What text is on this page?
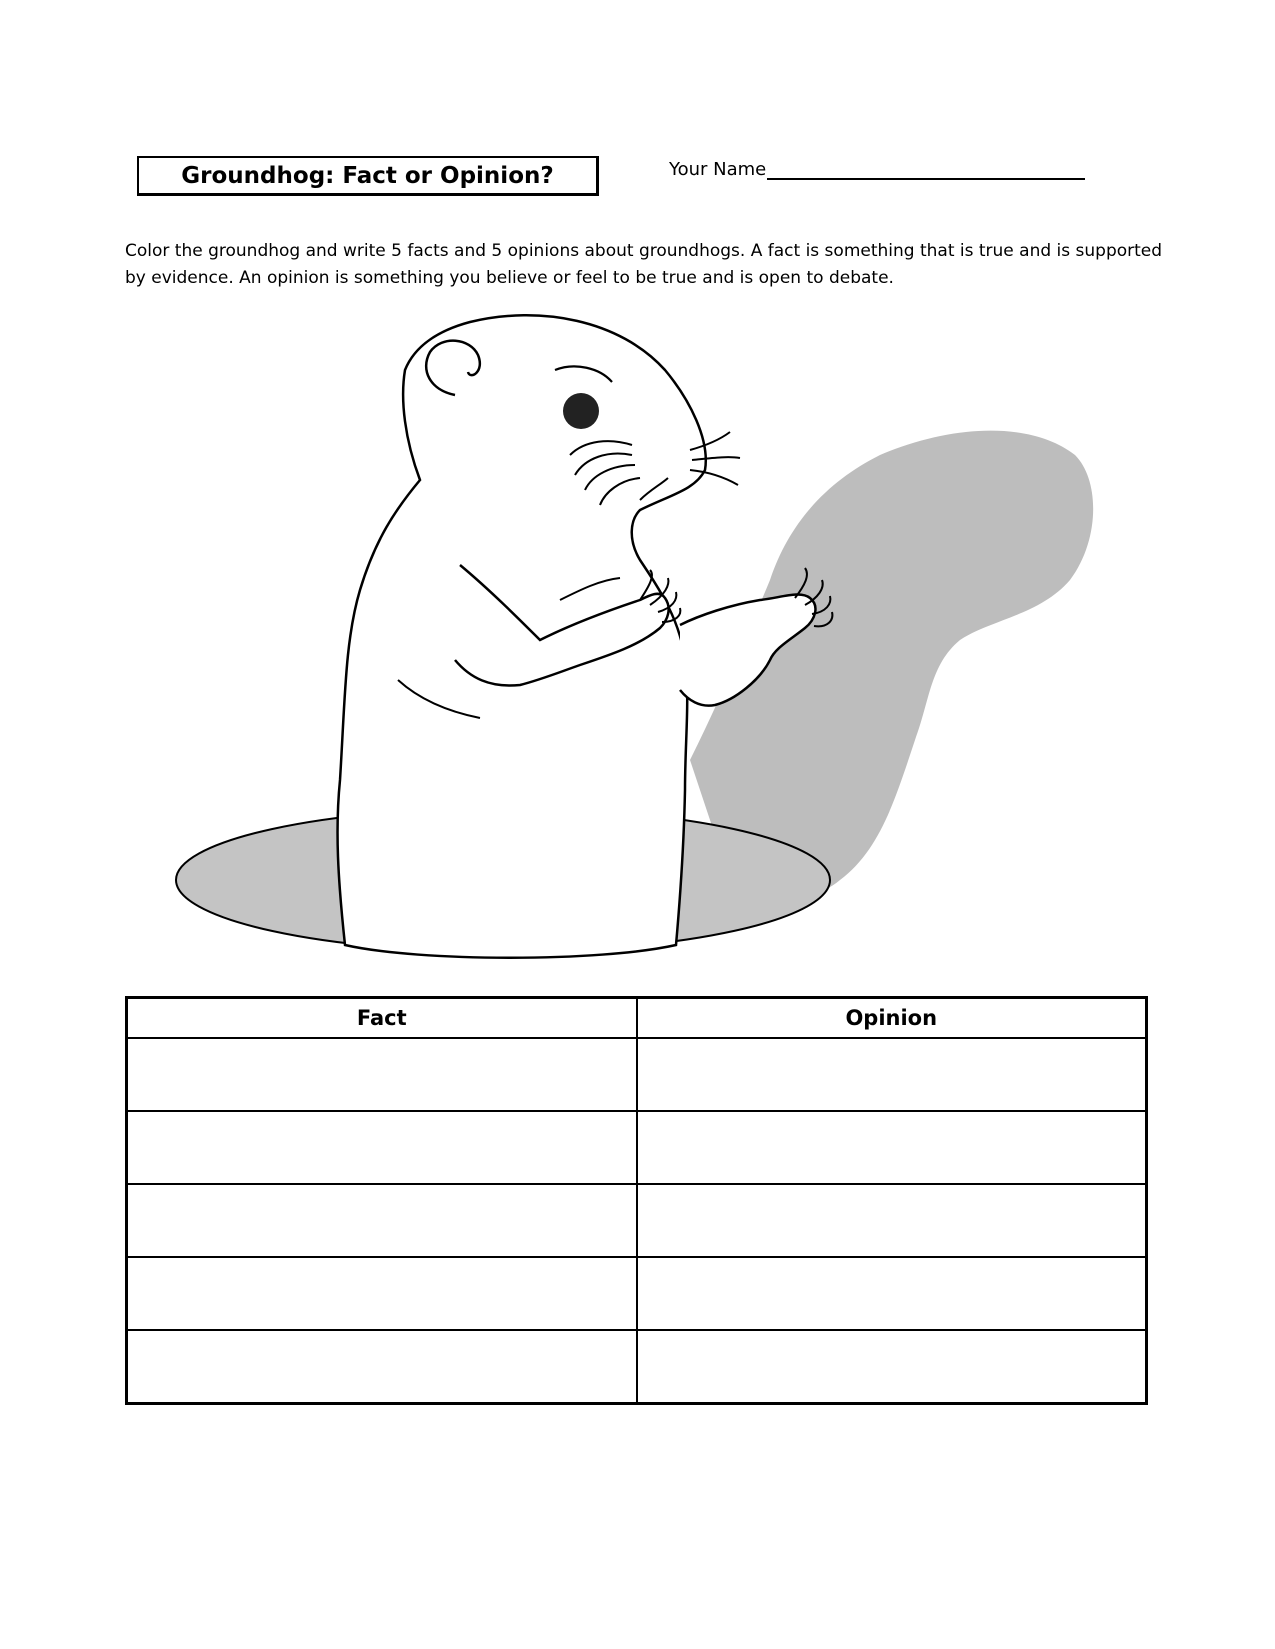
Groundhog: Fact or Opinion?	Your Name
Color the groundhog and write 5 facts and 5 opinions about groundhogs. A fact is something that is true and is supported by evidence. An opinion is something you believe or feel to be true and is open to debate.
Fact	Opinion
